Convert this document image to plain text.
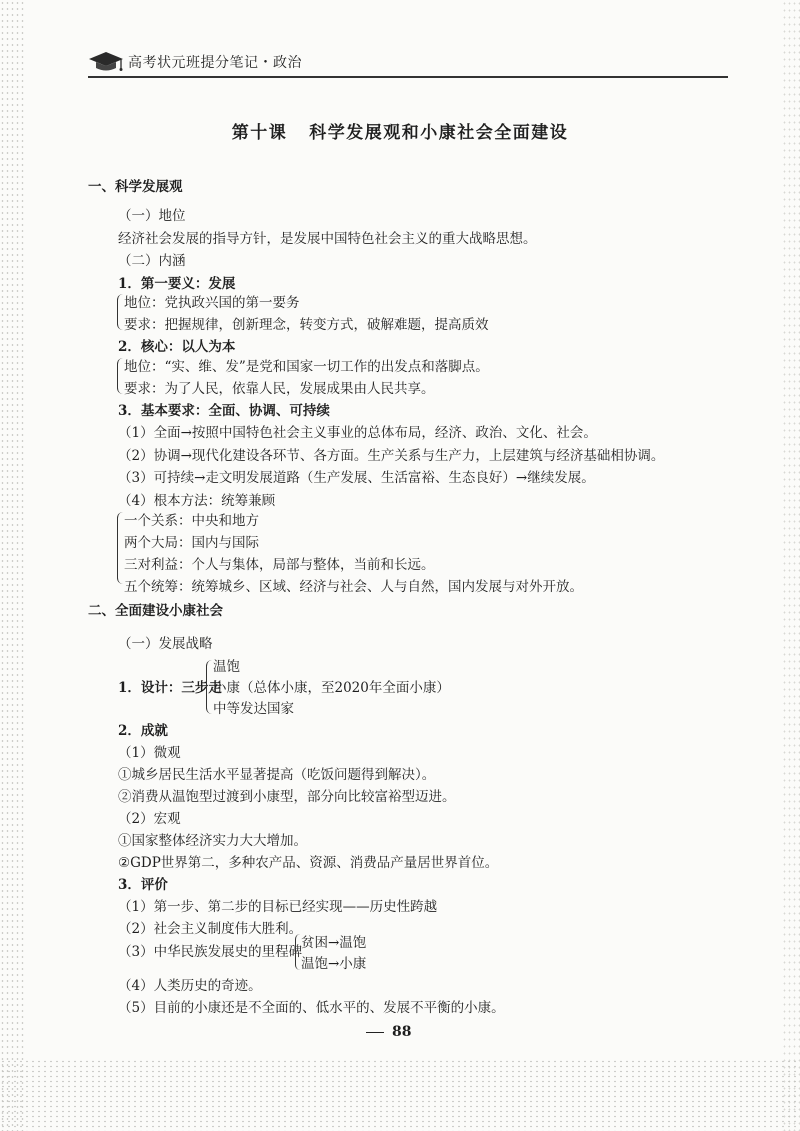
高考状元班提分笔记・政治
第十课 科学发展观和小康社会全面建设
一、科学发展观
（一）地位
经济社会发展的指导方针，是发展中国特色社会主义的重大战略思想。
（二）内涵
1．第一要义：发展
地位：党执政兴国的第一要务
要求：把握规律，创新理念，转变方式，破解难题，提高质效
2．核心：以人为本
地位：“实、维、发”是党和国家一切工作的出发点和落脚点。
要求：为了人民，依靠人民，发展成果由人民共享。
3．基本要求：全面、协调、可持续
（1）全面→按照中国特色社会主义事业的总体布局，经济、政治、文化、社会。
（2）协调→现代化建设各环节、各方面。生产关系与生产力，上层建筑与经济基础相协调。
（3）可持续→走文明发展道路（生产发展、生活富裕、生态良好）→继续发展。
（4）根本方法：统筹兼顾
一个关系：中央和地方
两个大局：国内与国际
三对利益：个人与集体，局部与整体，当前和长远。
五个统筹：统筹城乡、区域、经济与社会、人与自然，国内发展与对外开放。
二、全面建设小康社会
（一）发展战略
1．设计：三步走
温饱
小康（总体小康，至2020年全面小康）
中等发达国家
2．成就
（1）微观
①城乡居民生活水平显著提高（吃饭问题得到解决）。
②消费从温饱型过渡到小康型，部分向比较富裕型迈进。
（2）宏观
①国家整体经济实力大大增加。
②GDP世界第二，多种农产品、资源、消费品产量居世界首位。
3．评价
（1）第一步、第二步的目标已经实现——历史性跨越
（2）社会主义制度伟大胜利。
（3）中华民族发展史的里程碑
贫困→温饱
温饱→小康
（4）人类历史的奇迹。
（5）目前的小康还是不全面的、低水平的、发展不平衡的小康。
88
